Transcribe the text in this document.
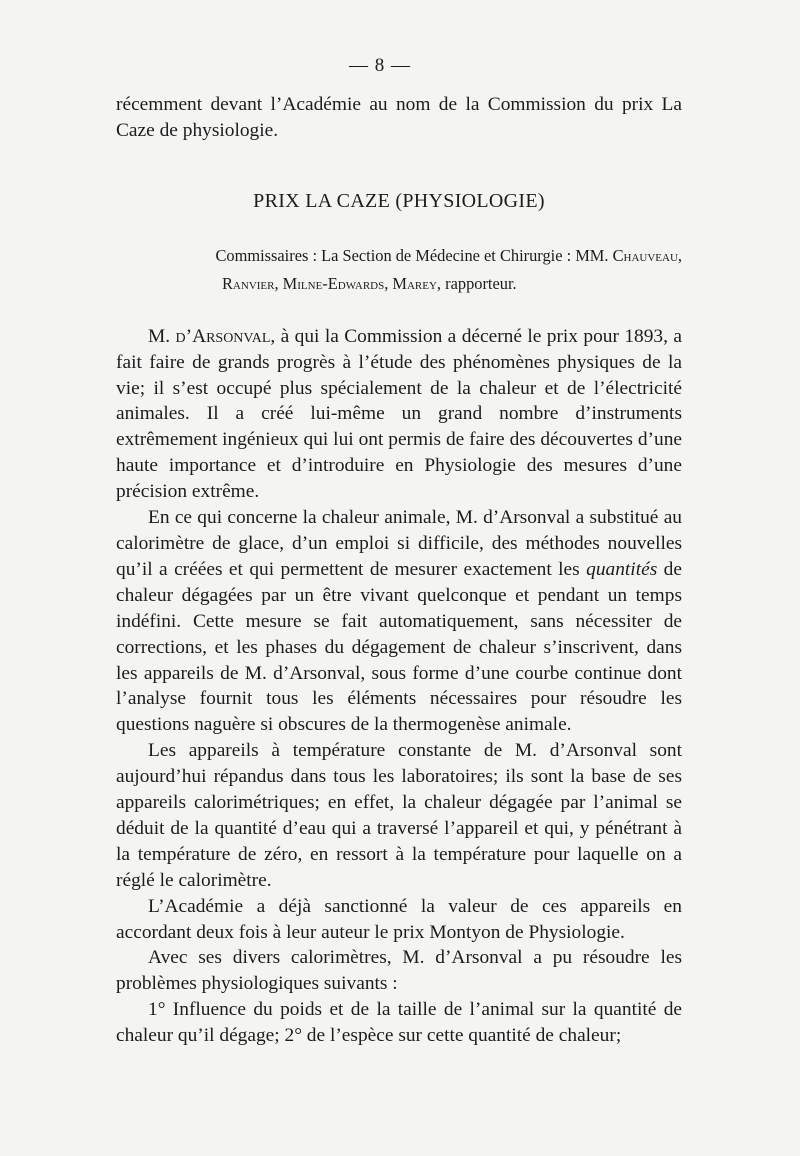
— 8 —

récemment devant l’Académie au nom de la Commission du prix La Caze de physiologie.

PRIX LA CAZE (PHYSIOLOGIE)
Commissaires : La Section de Médecine et Chirurgie : MM. Chauveau,
Ranvier, Milne-Edwards, Marey, rapporteur.

M. d’Arsonval, à qui la Commission a décerné le prix pour 1893, a fait faire de grands progrès à l’étude des phénomènes physiques de la vie; il s’est occupé plus spécialement de la chaleur et de l’électricité animales. Il a créé lui-même un grand nombre d’instruments extrêmement ingénieux qui lui ont permis de faire des découvertes d’une haute importance et d’introduire en Physiologie des mesures d’une précision extrême.

En ce qui concerne la chaleur animale, M. d’Arsonval a substitué au calorimètre de glace, d’un emploi si difficile, des méthodes nouvelles qu’il a créées et qui permettent de mesurer exactement les quantités de chaleur dégagées par un être vivant quelconque et pendant un temps indéfini. Cette mesure se fait automatiquement, sans nécessiter de corrections, et les phases du dégagement de chaleur s’inscrivent, dans les appareils de M. d’Arsonval, sous forme d’une courbe continue dont l’analyse fournit tous les éléments nécessaires pour résoudre les questions naguère si obscures de la thermogenèse animale.

Les appareils à température constante de M. d’Arsonval sont aujourd’hui répandus dans tous les laboratoires; ils sont la base de ses appareils calorimétriques; en effet, la chaleur dégagée par l’animal se déduit de la quantité d’eau qui a traversé l’appareil et qui, y pénétrant à la température de zéro, en ressort à la température pour laquelle on a réglé le calorimètre.

L’Académie a déjà sanctionné la valeur de ces appareils en accordant deux fois à leur auteur le prix Montyon de Physiologie.

Avec ses divers calorimètres, M. d’Arsonval a pu résoudre les problèmes physiologiques suivants :

1° Influence du poids et de la taille de l’animal sur la quantité de chaleur qu’il dégage; 2° de l’espèce sur cette quantité de chaleur;
